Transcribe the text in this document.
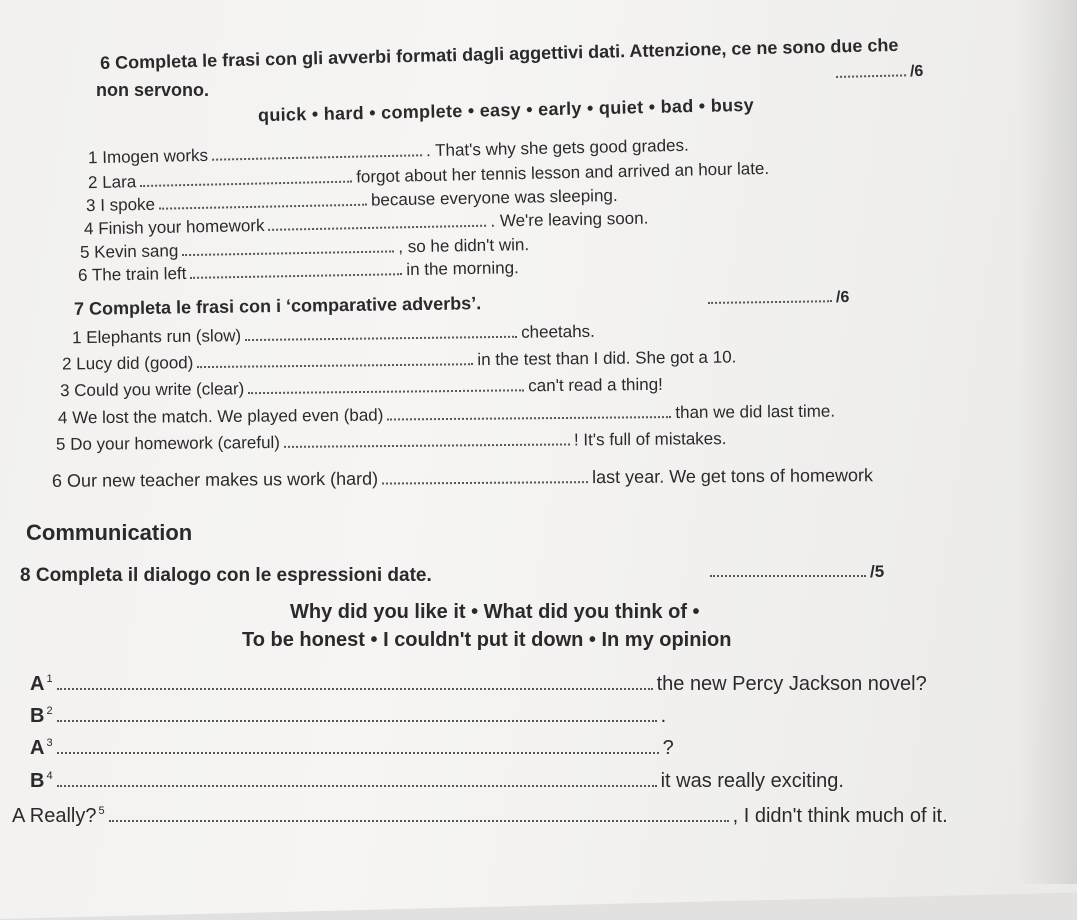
6 Completa le frasi con gli avverbi formati dagli aggettivi dati. Attenzione, ce ne sono due che
non servono.
/6
quick • hard • complete • easy • early • quiet • bad • busy
1 Imogen works	. That's why she gets good grades.
2 Lara	forgot about her tennis lesson and arrived an hour late.
3 I spoke	because everyone was sleeping.
4 Finish your homework	. We're leaving soon.
5 Kevin sang	, so he didn't win.
6 The train left	in the morning.
7 Completa le frasi con i ‘comparative adverbs’.	/6
1 Elephants run (slow)	cheetahs.
2 Lucy did (good)	in the test than I did. She got a 10.
3 Could you write (clear)	can't read a thing!
4 We lost the match. We played even (bad)	than we did last time.
5 Do your homework (careful)	! It's full of mistakes.
6 Our new teacher makes us work (hard)	last year. We get tons of homework
Communication
8 Completa il dialogo con le espressioni date.	/5
Why did you like it • What did you think of •
To be honest • I couldn't put it down • In my opinion
A $^1$	the new Percy Jackson novel?
B $^2$	.
A $^3$	?
B $^4$	it was really exciting.
A Really? $^5$	, I didn't think much of it.
